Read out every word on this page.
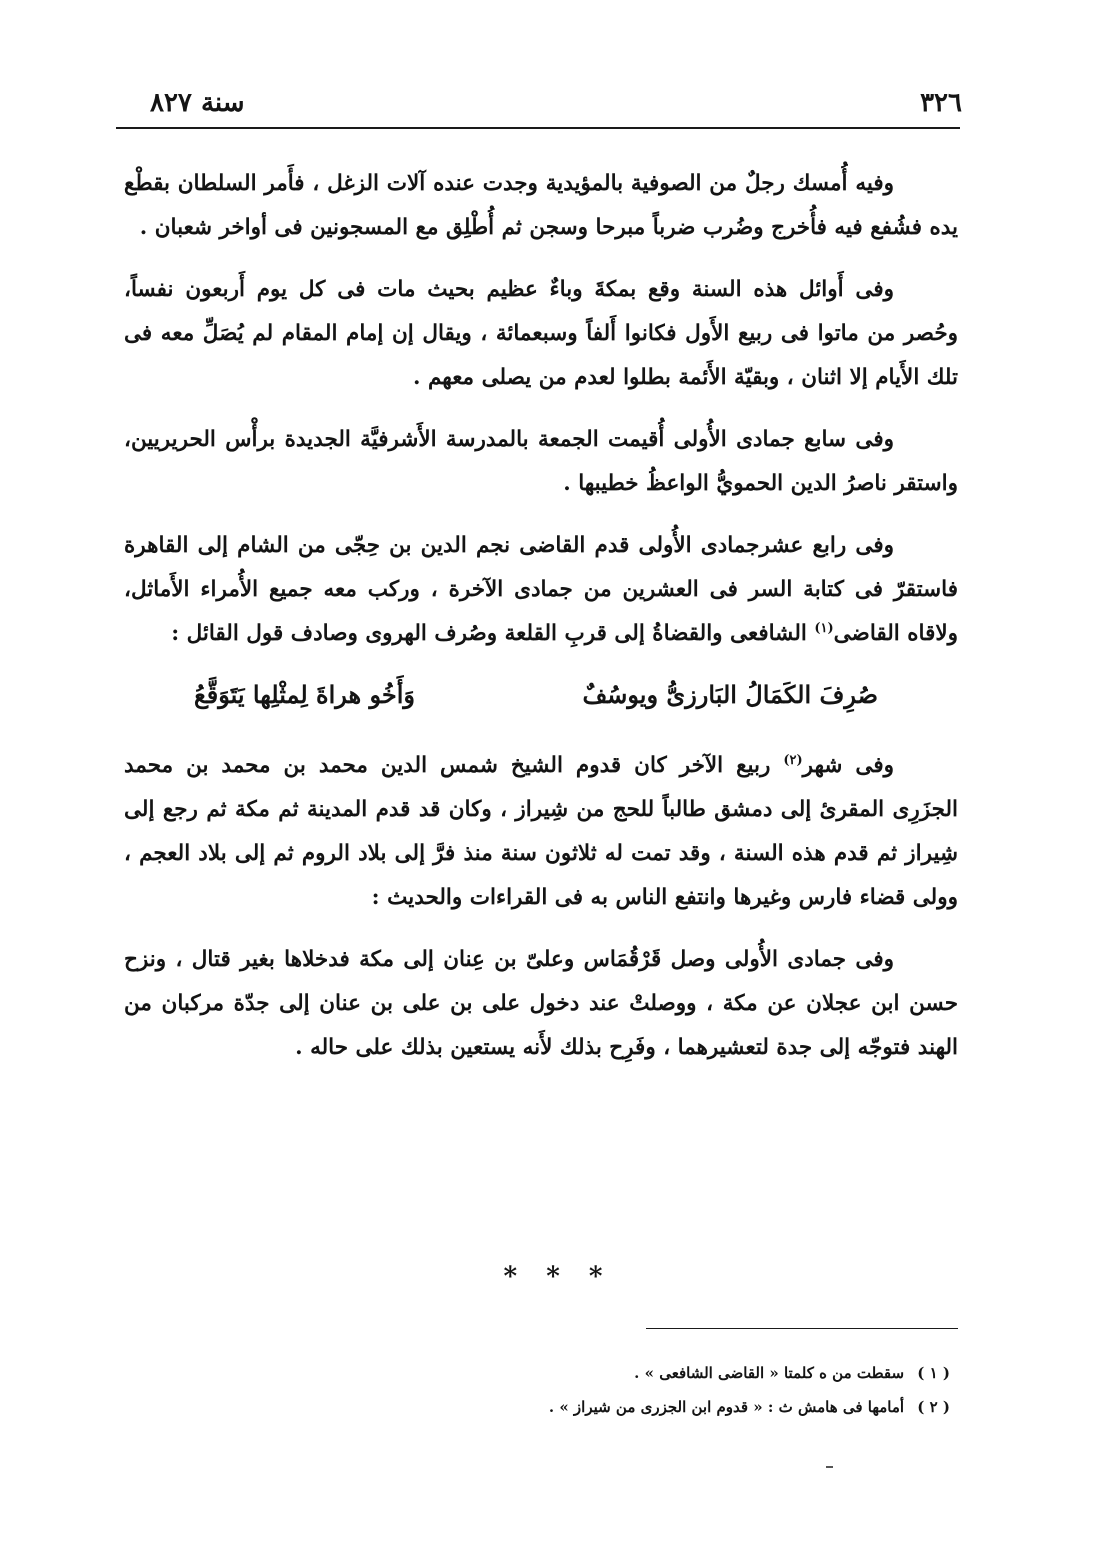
٣٢٦
سنة ٨٢٧

وفيه أُمسك رجلٌ من الصوفية بالمؤيدية وجدت عنده آلات الزغل ، فأَمر السلطان بقطْع يده فشُفع فيه فأُخرج وضُرب ضرباً مبرحا وسجن ثم أُطْلِق مع المسجونين فى أواخر شعبان .

وفى أَوائل هذه السنة وقع بمكةَ وباءٌ عظيم بحيث مات فى كل يوم أَربعون نفساً، وحُصر من ماتوا فى ربيع الأَول فكانوا أَلفاً وسبعمائة ، ويقال إن إمام المقام لم يُصَلِّ معه فى تلك الأَيام إلا اثنان ، وبقيّة الأَئمة بطلوا لعدم من يصلى معهم .

وفى سابع جمادى الأُولى أُقيمت الجمعة بالمدرسة الأَشرفيَّة الجديدة برأْس الحريريين، واستقر ناصرُ الدين الحمويُّ الواعظُ خطيبها .

وفى رابع عشرجمادى الأُولى قدم القاضى نجم الدين بن حِجّى من الشام إلى القاهرة فاستقرّ فى كتابة السر فى العشرين من جمادى الآخرة ، وركب معه جميع الأُمراء الأَماثل، ولاقاه القاضى$^{(١)}$ الشافعى والقضاةُ إلى قربِ القلعة وصُرف الهروى وصادف قول القائل :

صُرِفَ الكَمَالُ البَارزىُّ ويوسُفٌ
وَأَخُو هراةَ لِمثْلِها يَتَوَقَّعُ

وفى شهر$^{(٢)}$ ربيع الآخر كان قدوم الشيخ شمس الدين محمد بن محمد بن محمد الجزَرِى المقرئ إلى دمشق طالباً للحج من شِيراز ، وكان قد قدم المدينة ثم مكة ثم رجع إلى شِيراز ثم قدم هذه السنة ، وقد تمت له ثلاثون سنة منذ فرَّ إلى بلاد الروم ثم إلى بلاد العجم ، وولى قضاء فارس وغيرها وانتفع الناس به فى القراءات والحديث :

وفى جمادى الأُولى وصل قَرْقُمَاس وعلىّ بن عِنان إلى مكة فدخلاها بغير قتال ، ونزح حسن ابن عجلان عن مكة ، ووصلتْ عند دخول على بن على بن عنان إلى جدّة مركبان من الهند فتوجّه إلى جدة لتعشيرهما ، وفَرِح بذلك لأَنه يستعين بذلك على حاله .

* * *
( ١ ) سقطت من ه كلمتا « القاضى الشافعى » .
( ٢ ) أمامها فى هامش ث : « قدوم ابن الجزرى من شيراز » .
